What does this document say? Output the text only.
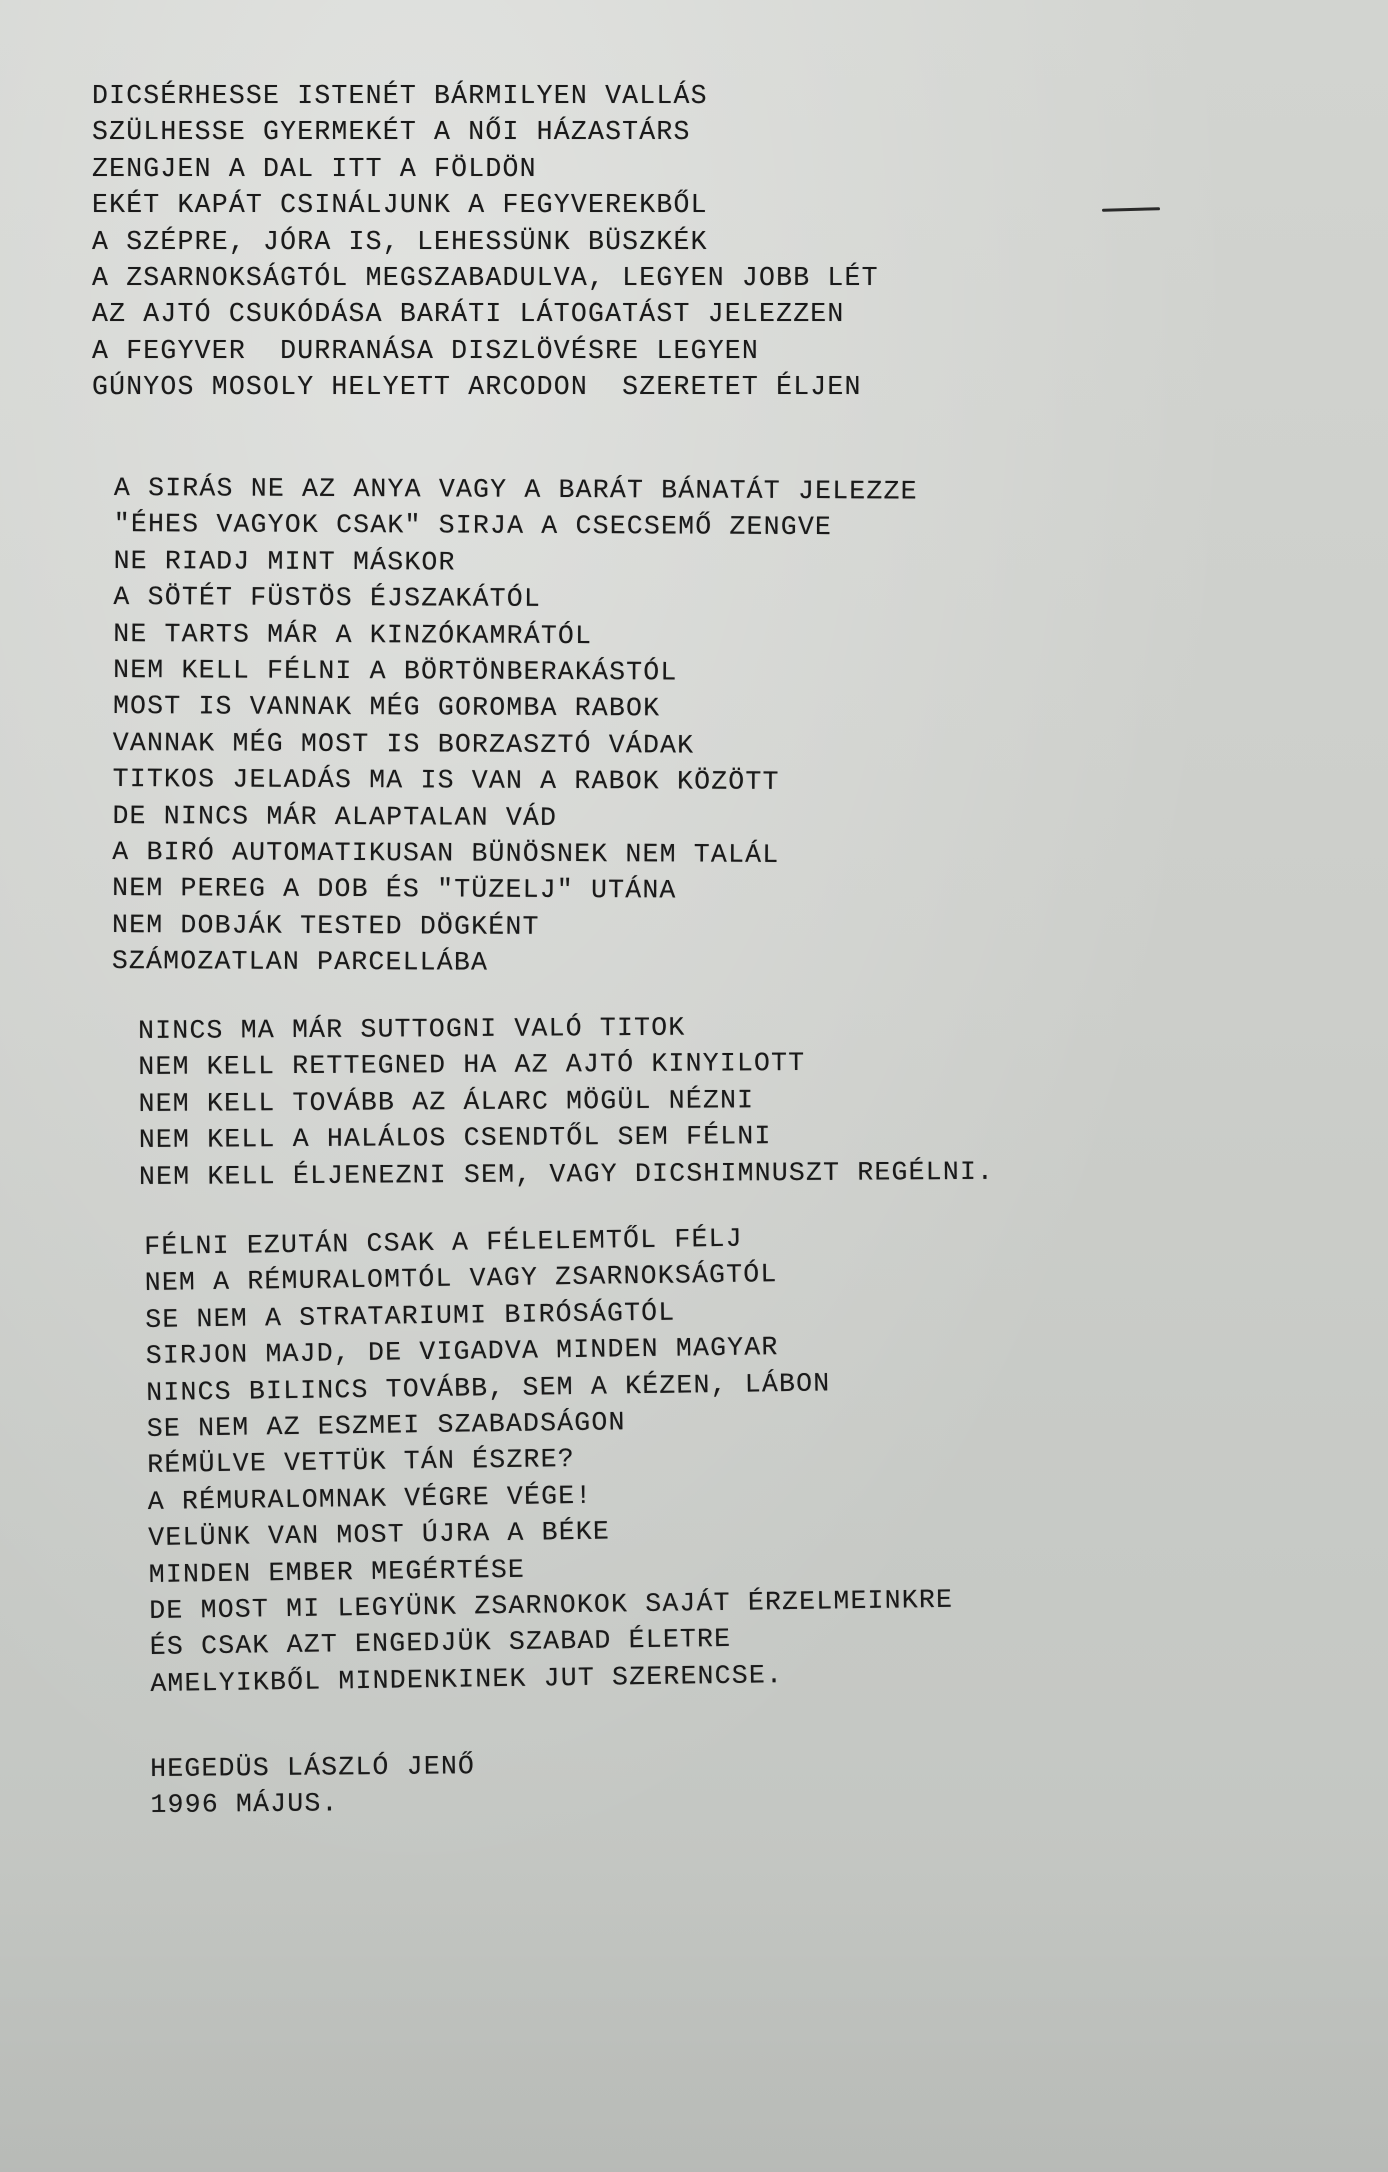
DICSÉRHESSE ISTENÉT BÁRMILYEN VALLÁS
SZÜLHESSE GYERMEKÉT A NŐI HÁZASTÁRS
ZENGJEN A DAL ITT A FÖLDÖN
EKÉT KAPÁT CSINÁLJUNK A FEGYVEREKBŐL
A SZÉPRE, JÓRA IS, LEHESSÜNK BÜSZKÉK
A ZSARNOKSÁGTÓL MEGSZABADULVA, LEGYEN JOBB LÉT
AZ AJTÓ CSUKÓDÁSA BARÁTI LÁTOGATÁST JELEZZEN
A FEGYVER  DURRANÁSA DISZLÖVÉSRE LEGYEN
GÚNYOS MOSOLY HELYETT ARCODON  SZERETET ÉLJEN
A SIRÁS NE AZ ANYA VAGY A BARÁT BÁNATÁT JELEZZE
"ÉHES VAGYOK CSAK" SIRJA A CSECSEMŐ ZENGVE
NE RIADJ MINT MÁSKOR
A SÖTÉT FÜSTÖS ÉJSZAKÁTÓL
NE TARTS MÁR A KINZÓKAMRÁTÓL
NEM KELL FÉLNI A BÖRTÖNBERAKÁSTÓL
MOST IS VANNAK MÉG GOROMBA RABOK
VANNAK MÉG MOST IS BORZASZTÓ VÁDAK
TITKOS JELADÁS MA IS VAN A RABOK KÖZÖTT
DE NINCS MÁR ALAPTALAN VÁD
A BIRÓ AUTOMATIKUSAN BÜNÖSNEK NEM TALÁL
NEM PEREG A DOB ÉS "TÜZELJ" UTÁNA
NEM DOBJÁK TESTED DÖGKÉNT
SZÁMOZATLAN PARCELLÁBA
NINCS MA MÁR SUTTOGNI VALÓ TITOK
NEM KELL RETTEGNED HA AZ AJTÓ KINYILOTT
NEM KELL TOVÁBB AZ ÁLARC MÖGÜL NÉZNI
NEM KELL A HALÁLOS CSENDTŐL SEM FÉLNI
NEM KELL ÉLJENEZNI SEM, VAGY DICSHIMNUSZT REGÉLNI.
FÉLNI EZUTÁN CSAK A FÉLELEMTŐL FÉLJ
NEM A RÉMURALOMTÓL VAGY ZSARNOKSÁGTÓL
SE NEM A STRATARIUMI BIRÓSÁGTÓL
SIRJON MAJD, DE VIGADVA MINDEN MAGYAR
NINCS BILINCS TOVÁBB, SEM A KÉZEN, LÁBON
SE NEM AZ ESZMEI SZABADSÁGON
RÉMÜLVE VETTÜK TÁN ÉSZRE?
A RÉMURALOMNAK VÉGRE VÉGE!
VELÜNK VAN MOST ÚJRA A BÉKE
MINDEN EMBER MEGÉRTÉSE
DE MOST MI LEGYÜNK ZSARNOKOK SAJÁT ÉRZELMEINKRE
ÉS CSAK AZT ENGEDJÜK SZABAD ÉLETRE
AMELYIKBŐL MINDENKINEK JUT SZERENCSE.
HEGEDÜS LÁSZLÓ JENŐ
1996 MÁJUS.
